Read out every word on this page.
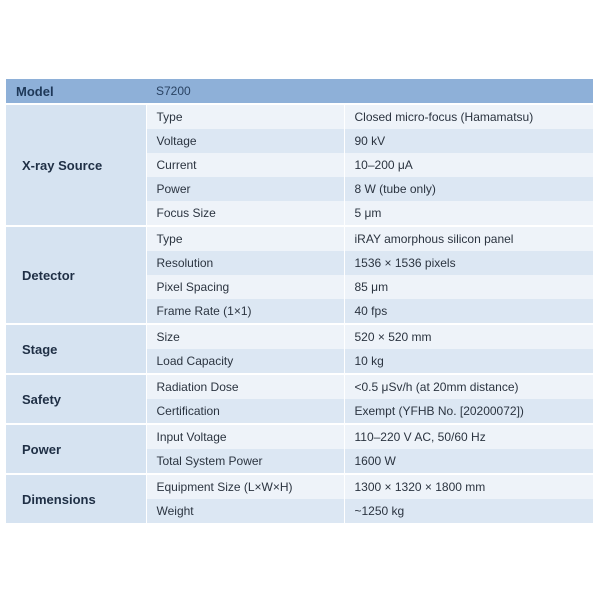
Model	S7200	
X-ray Source	Type	Closed micro-focus (Hamamatsu)
	Voltage	90 kV
	Current	10–200 μA
	Power	8 W (tube only)
	Focus Size	5 μm
Detector	Type	iRAY amorphous silicon panel
	Resolution	1536 × 1536 pixels
	Pixel Spacing	85 μm
	Frame Rate (1×1)	40 fps
Stage	Size	520 × 520 mm
	Load Capacity	10 kg
Safety	Radiation Dose	<0.5 μSv/h (at 20mm distance)
	Certification	Exempt (YFHB No. [20200072])
Power	Input Voltage	110–220 V AC, 50/60 Hz
	Total System Power	1600 W
Dimensions	Equipment Size (L×W×H)	1300 × 1320 × 1800 mm
	Weight	~1250 kg
